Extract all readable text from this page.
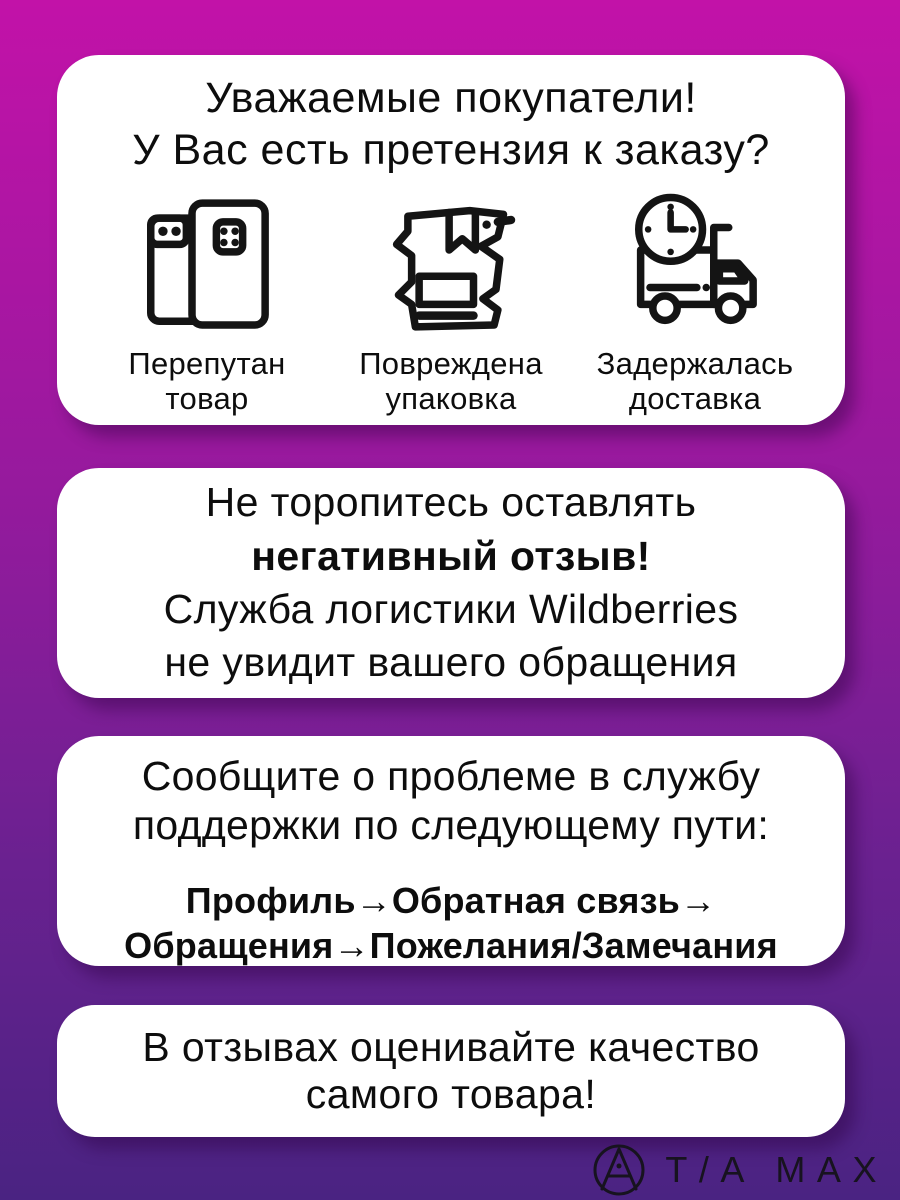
Уважаемые покупатели!
У Вас есть претензия к заказу?
Перепутан
товар
Повреждена
упаковка
Задержалась
доставка
Не торопитесь оставлять
негативный отзыв!
Служба логистики Wildberries
не увидит вашего обращения
Сообщите о проблеме в службу
поддержки по следующему пути:
Профиль→Обратная связь→
Обращения→Пожелания/Замечания
В отзывах оценивайте качество
самого товара!
T/A MAX
